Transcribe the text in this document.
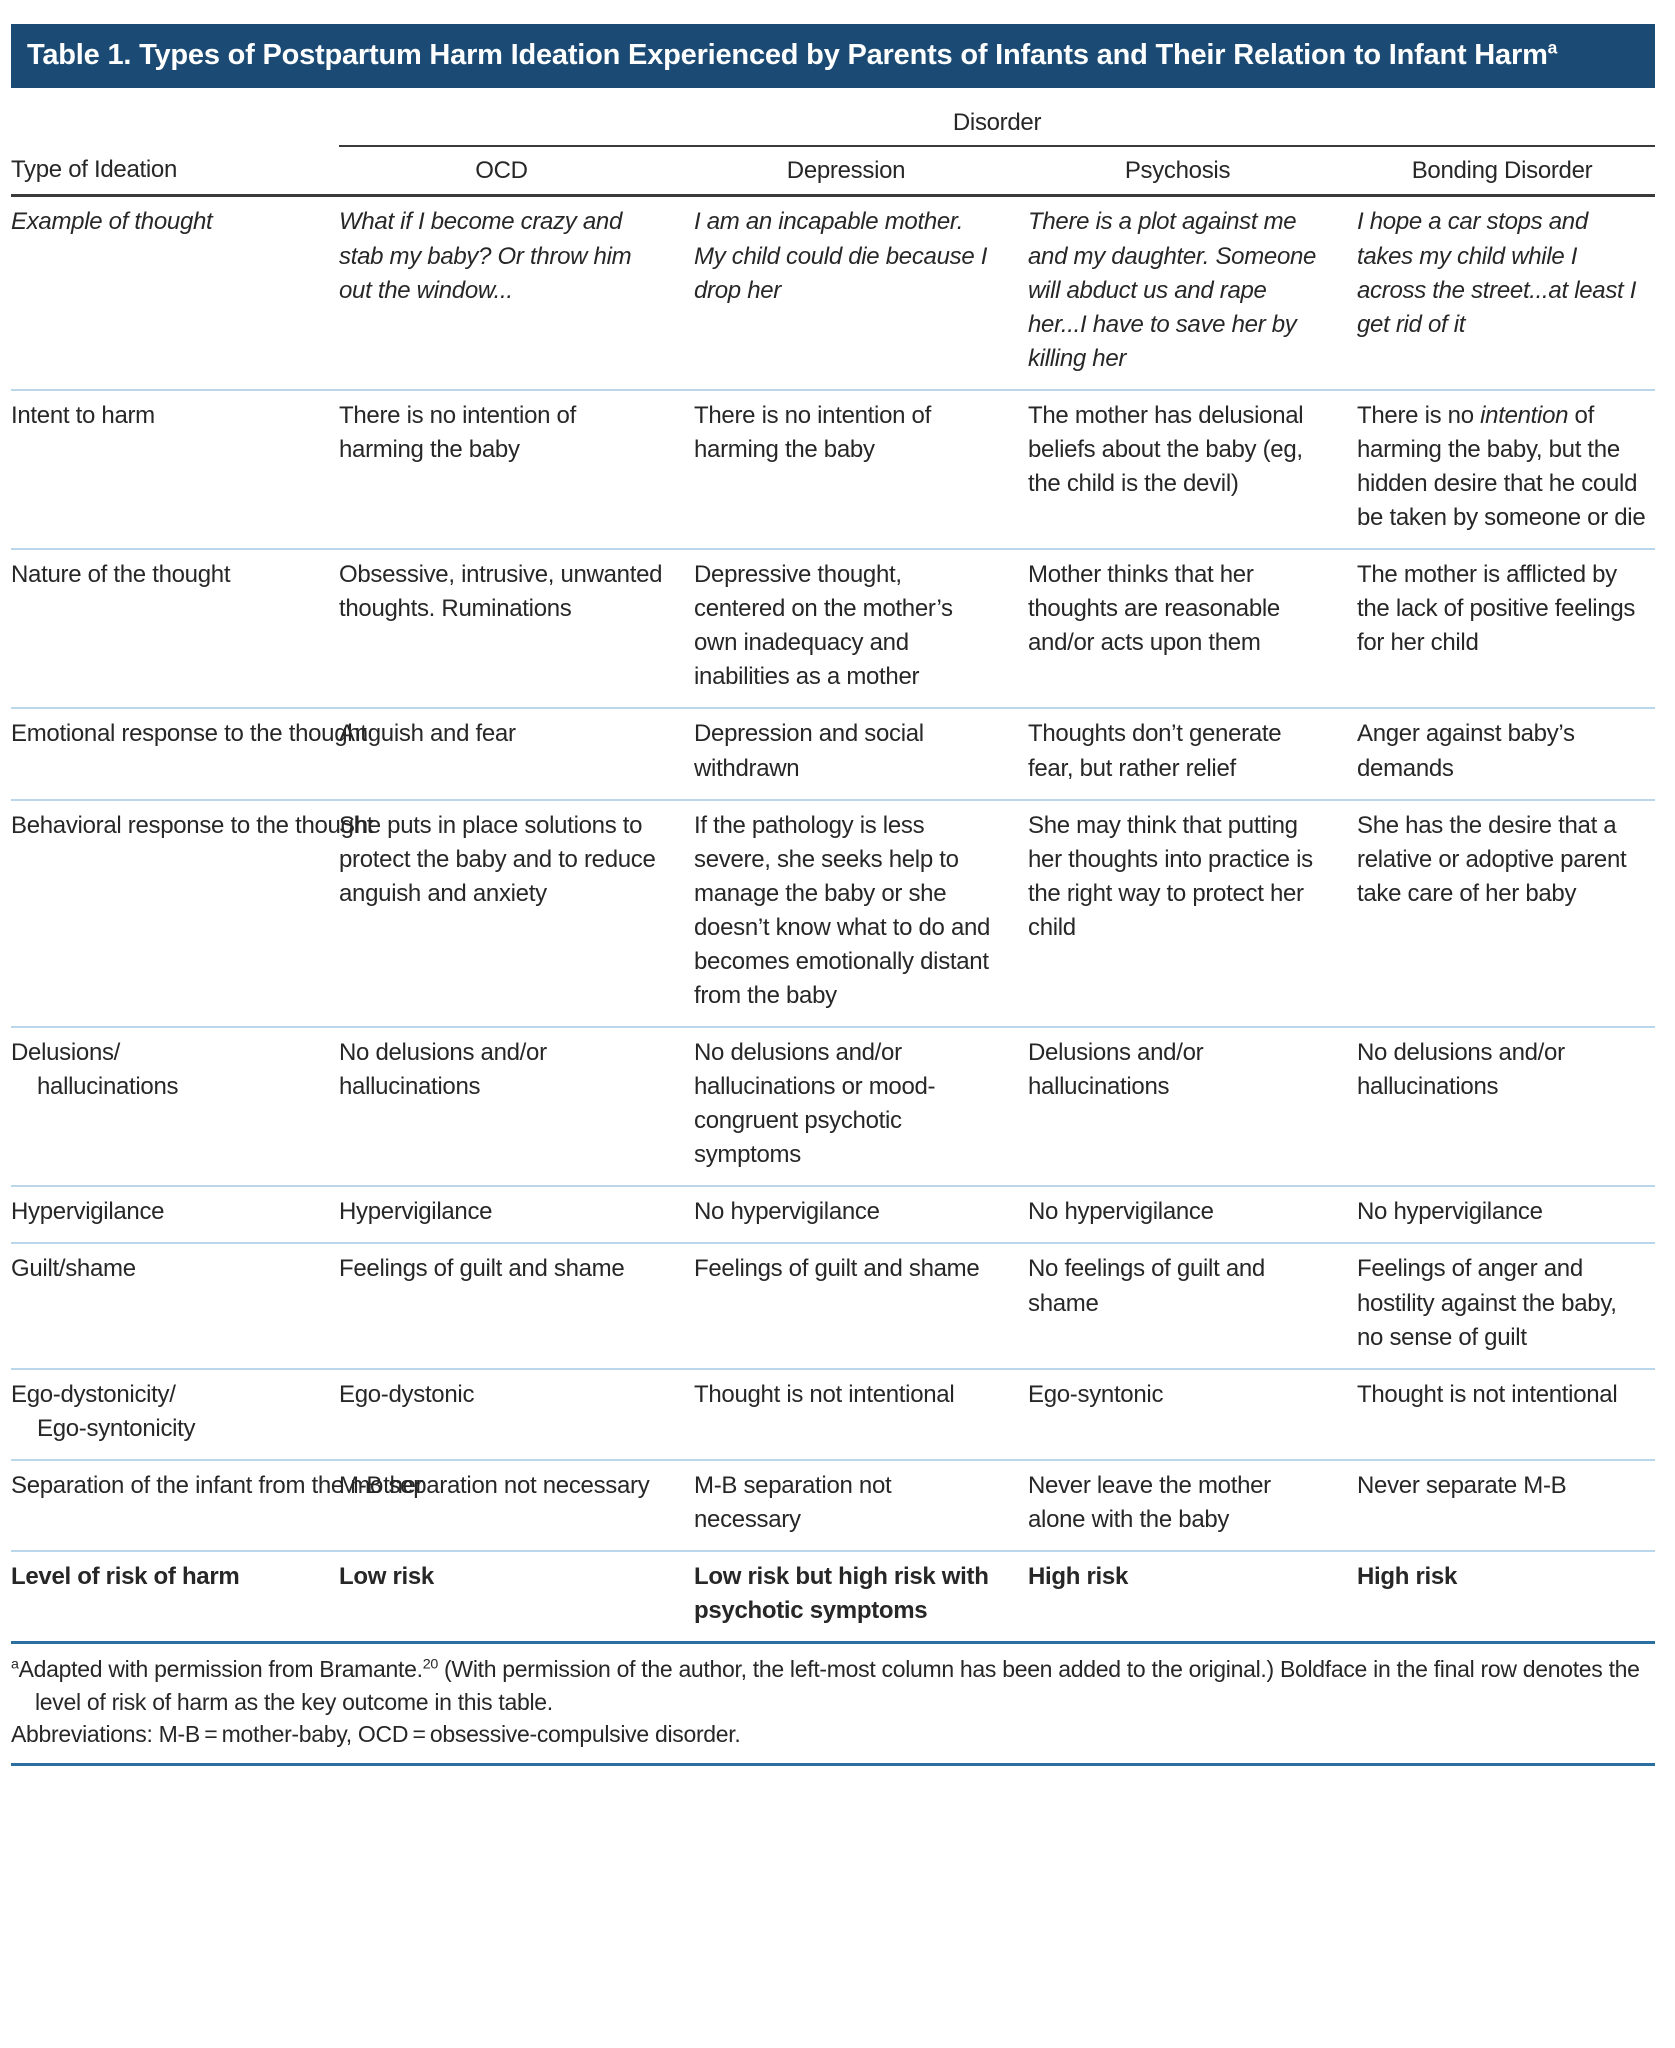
Table 1. Types of Postpartum Harm Ideation Experienced by Parents of Infants and Their Relation to Infant Harm$^a$
	Disorder			
Type of Ideation	OCD	Depression	Psychosis	Bonding Disorder
Example of thought	What if I become crazy and stab my baby? Or throw him out the window...	I am an incapable mother. My child could die because I drop her	There is a plot against me and my daughter. Someone will abduct us and rape her...I have to save her by killing her	I hope a car stops and takes my child while I across the street...at least I get rid of it
Intent to harm	There is no intention of harming the baby	There is no intention of harming the baby	The mother has delusional beliefs about the baby (eg, the child is the devil)	There is no intention of harming the baby, but the hidden desire that he could be taken by someone or die
Nature of the thought	Obsessive, intrusive, unwanted thoughts. Ruminations	Depressive thought, centered on the mother’s own inadequacy and inabilities as a mother	Mother thinks that her thoughts are reasonable and/or acts upon them	The mother is afflicted by the lack of positive feelings for her child
Emotional response to the thought	Anguish and fear	Depression and social withdrawn	Thoughts don’t generate fear, but rather relief	Anger against baby’s demands
Behavioral response to the thought	She puts in place solutions to protect the baby and to reduce anguish and anxiety	If the pathology is less severe, she seeks help to manage the baby or she doesn’t know what to do and becomes emotionally distant from the baby	She may think that putting her thoughts into practice is the right way to protect her child	She has the desire that a relative or adoptive parent take care of her baby
Delusions/hallucinations	No delusions and/or hallucinations	No delusions and/or hallucinations or mood-congruent psychotic symptoms	Delusions and/or hallucinations	No delusions and/or hallucinations
Hypervigilance	Hypervigilance	No hypervigilance	No hypervigilance	No hypervigilance
Guilt/shame	Feelings of guilt and shame	Feelings of guilt and shame	No feelings of guilt and shame	Feelings of anger and hostility against the baby, no sense of guilt
Ego-dystonicity/Ego-syntonicity	Ego-dystonic	Thought is not intentional	Ego-syntonic	Thought is not intentional
Separation of the infant from the mother	M-B separation not necessary	M-B separation not necessary	Never leave the mother alone with the baby	Never separate M-B
Level of risk of harm	Low risk	Low risk but high risk with psychotic symptoms	High risk	High risk

$^a$Adapted with permission from Bramante.$^{20}$ (With permission of the author, the left-most column has been added to the original.) Boldface in the final row denotes the level of risk of harm as the key outcome in this table.

Abbreviations: M-B = mother-baby, OCD = obsessive-compulsive disorder.
